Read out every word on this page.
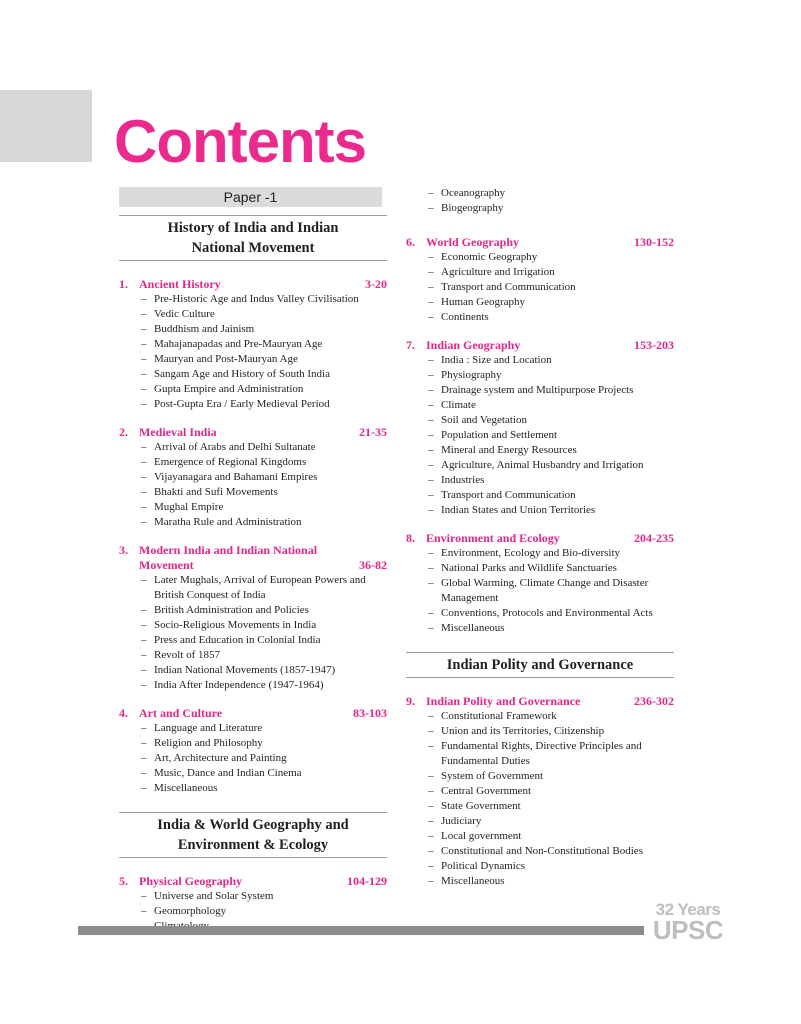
Contents
Paper -1
History of India and Indian
National Movement
1. Ancient History	3-20
– Pre-Historic Age and Indus Valley Civilisation
– Vedic Culture
– Buddhism and Jainism
– Mahajanapadas and Pre-Mauryan Age
– Mauryan and Post-Mauryan Age
– Sangam Age and History of South India
– Gupta Empire and Administration
– Post-Gupta Era / Early Medieval Period
2. Medieval India	21-35
– Arrival of Arabs and Delhi Sultanate
– Emergence of Regional Kingdoms
– Vijayanagara and Bahamani Empires
– Bhakti and Sufi Movements
– Mughal Empire
– Maratha Rule and Administration
3. Modern India and Indian National Movement	36-82
– Later Mughals, Arrival of European Powers and British Conquest of India
– British Administration and Policies
– Socio-Religious Movements in India
– Press and Education in Colonial India
– Revolt of 1857
– Indian National Movements (1857-1947)
– India After Independence (1947-1964)
4. Art and Culture	83-103
– Language and Literature
– Religion and Philosophy
– Art, Architecture and Painting
– Music, Dance and Indian Cinema
– Miscellaneous
India & World Geography and
Environment & Ecology
5. Physical Geography	104-129
– Universe and Solar System
– Geomorphology
–
– Oceanography
– Biogeography
6. World Geography	130-152
– Economic Geography
– Agriculture and Irrigation
– Transport and Communication
– Human Geography
– Continents
7. Indian Geography	153-203
– India : Size and Location
– Physiography
– Drainage system and Multipurpose Projects
– Climate
– Soil and Vegetation
– Population and Settlement
– Mineral and Energy Resources
– Agriculture, Animal Husbandry and Irrigation
– Industries
– Transport and Communication
– Indian States and Union Territories
8. Environment and Ecology	204-235
– Environment, Ecology and Bio-diversity
– National Parks and Wildlife Sanctuaries
– Global Warming, Climate Change and Disaster Management
– Conventions, Protocols and Environmental Acts
– Miscellaneous
Indian Polity and Governance
9. Indian Polity and Governance	236-302
– Constitutional Framework
– Union and its Territories, Citizenship
– Fundamental Rights, Directive Principles and Fundamental Duties
– System of Government
– Central Government
– State Government
– Judiciary
– Local government
– Constitutional and Non-Constitutional Bodies
– Political Dynamics
– Miscellaneous
32 Years
UPSC
